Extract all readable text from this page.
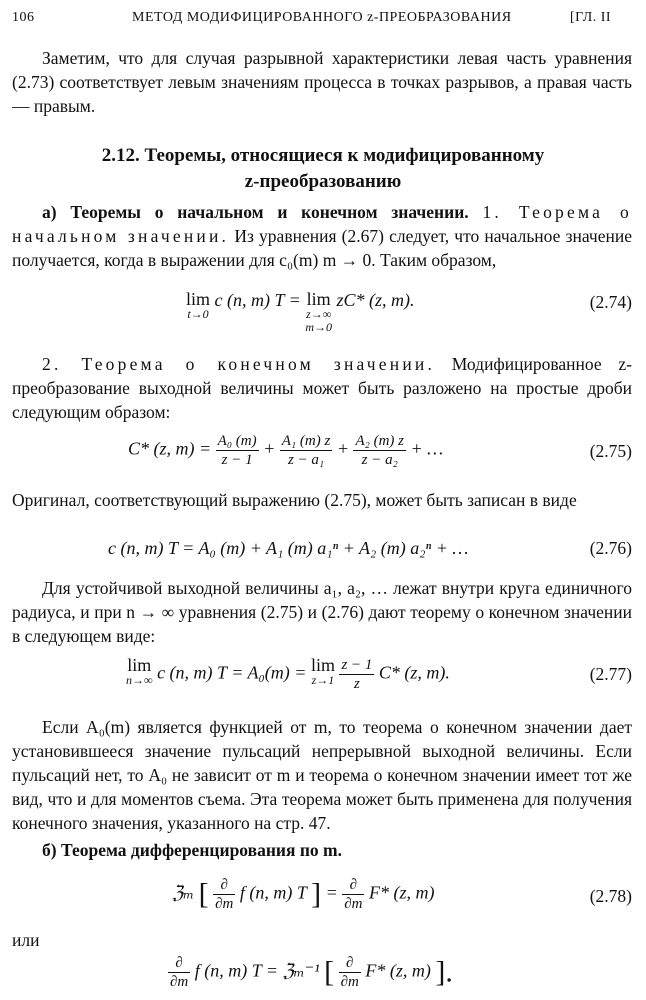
106	МЕТОД МОДИФИЦИРОВАННОГО z-ПРЕОБРАЗОВАНИЯ	[ГЛ. II
Заметим, что для случая разрывной характеристики левая часть уравнения (2.73) соответствует левым значениям процесса в точках разрывов, а правая часть — правым.
2.12. Теоремы, относящиеся к модифицированному
z-преобразованию
а) Теоремы о начальном и конечном значении. 1. Теорема о начальном значении. Из уравнения (2.67) следует, что начальное значение получается, когда в выражении для c₀(m) m → 0. Таким образом,
lim
t→0
c (n, m) T = lim
z→∞
m→0
zC* (z, m).	(2.74)
2. Теорема о конечном значении. Модифицированное z-преобразование выходной величины может быть разложено на простые дроби следующим образом:
C* (z, $m) = \frac{\text{A₀ (m)}}{z - 1} + \frac{\text{A₁ (m) z}}{\text{z − a₁}} + \frac{\text{A₂ (m) z}}{\text{z − a₂}}$ + …	(2.75)
Оригинал, соответствующий выражению (2.75), может быть записан в виде
c (n, m) T = A₀ (m) + A₁ (m) a₁ⁿ + A₂ (m) a₂ⁿ + …	(2.76)
Для устойчивой выходной величины a₁, a₂, … лежат внутри круга единичного радиуса, и при n → ∞ уравнения (2.75) и (2.76) дают теорему о конечном значении в следующем виде:
lim
n→∞ c (n, m) T = A₀(m) = lim
z→1
$\frac{z - 1}{z} C*$ (z, m).	(2.77)
Если A₀(m) является функцией от m, то теорема о конечном значении дает установившееся значение пульсаций непрерывной выходной величины. Если пульсаций нет, то A₀ не зависит от m и теорема о конечном значении имеет тот же вид, что и для моментов съема. Эта теорема может быть применена для получения конечного значения, указанного на стр. 47.
б) Теорема дифференцирования по m.
ℨₘ [ $\frac{\partial}{\partial m}$ f (n, m) T ] = $\frac{\partial}{\partial m} F*$ (z, m)	(2.78)
или
$\frac{\partial}{\partial m}$ f (n, m) T = ℨₘ⁻¹ [ $\frac{\partial}{\partial m} F*$ (z, m) ].
